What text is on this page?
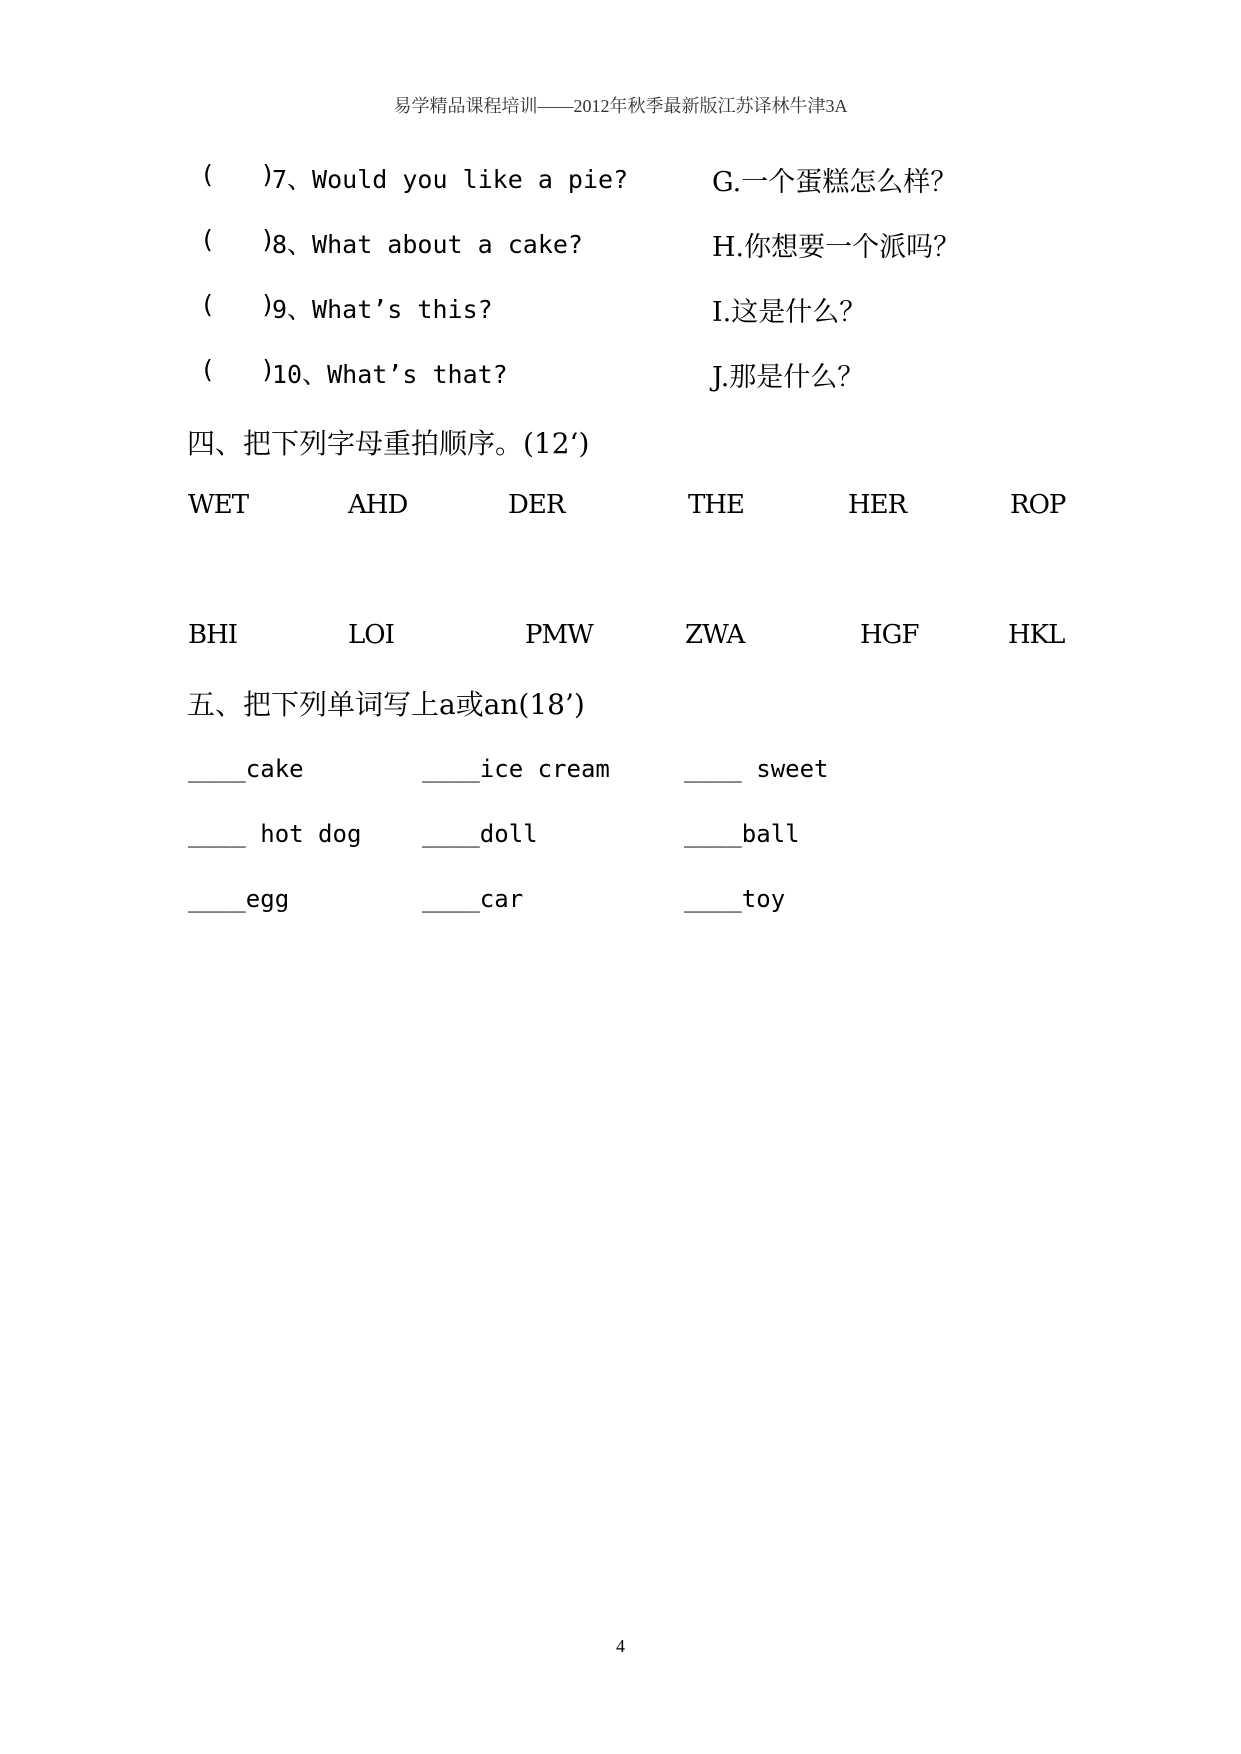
易学精品课程培训——2012年秋季最新版江苏译林牛津3A
(   )
7、Would you like a pie?	G.一个蛋糕怎么样？
(   )
8、What about a cake?	H.你想要一个派吗？
(   )
9、What’s this?	I.这是什么？
(   )
10、What’s that?	J.那是什么？
四、把下列字母重拍顺序。(12‘)
WET	AHD	DER	THE	HER	ROP
BHI	LOI	PMW	ZWA	HGF	HKL
五、把下列单词写上a或an(18’)
____cake	____ice cream	____ sweet
____ hot dog	____doll	____ball
____egg	____car	____toy
4
